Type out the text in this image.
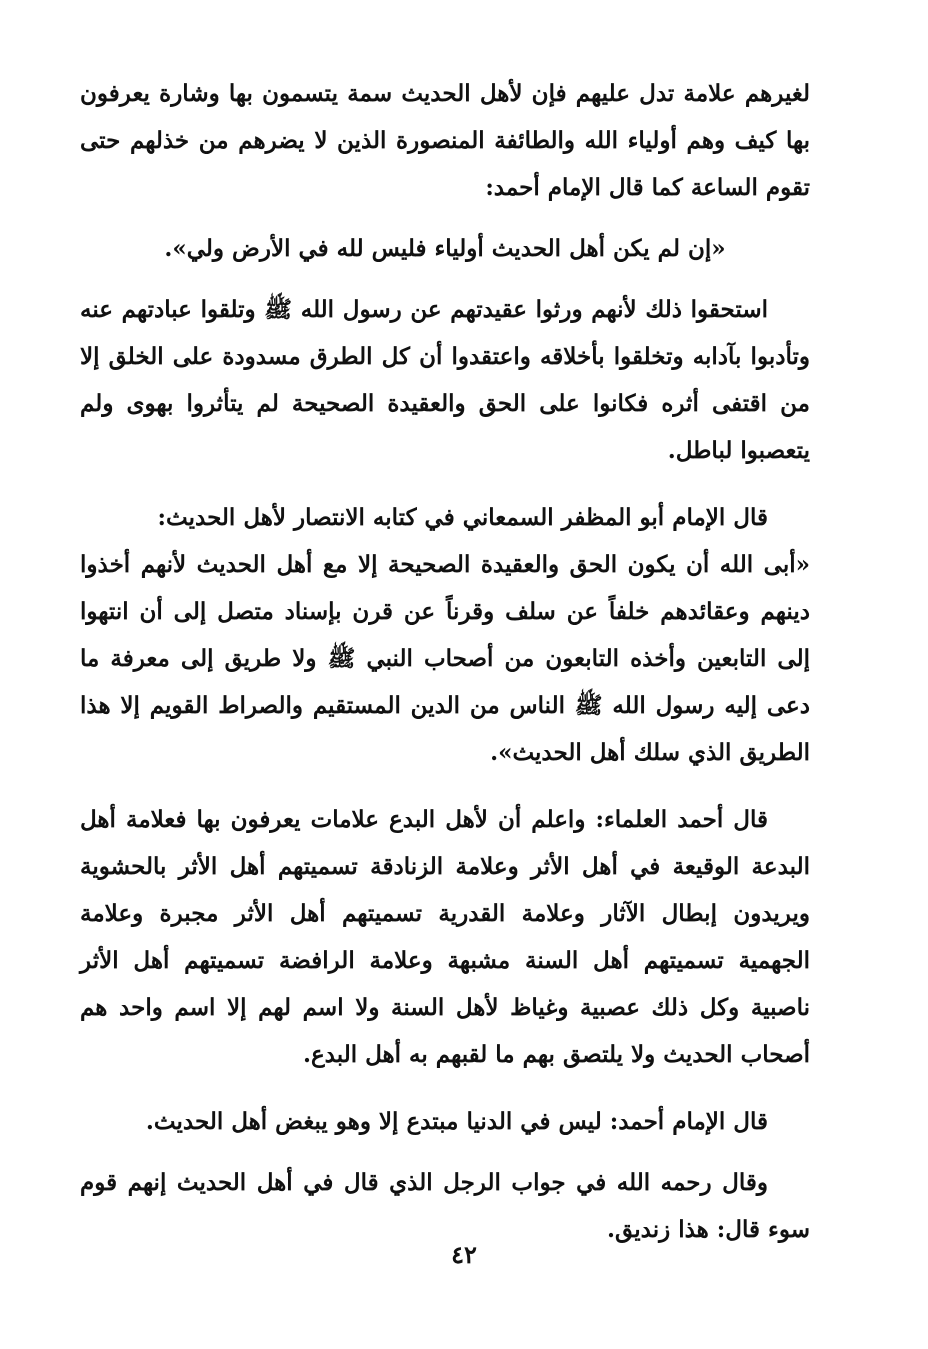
لغيرهم علامة تدل عليهم فإن لأهل الحديث سمة يتسمون بها وشارة يعرفون بها كيف وهم أولياء الله والطائفة المنصورة الذين لا يضرهم من خذلهم حتى تقوم الساعة كما قال الإمام أحمد:

«إن لم يكن أهل الحديث أولياء فليس لله في الأرض ولي».

استحقوا ذلك لأنهم ورثوا عقيدتهم عن رسول الله ﷺ وتلقوا عبادتهم عنه وتأدبوا بآدابه وتخلقوا بأخلاقه واعتقدوا أن كل الطرق مسدودة على الخلق إلا من اقتفى أثره فكانوا على الحق والعقيدة الصحيحة لم يتأثروا بهوى ولم يتعصبوا لباطل.

قال الإمام أبو المظفر السمعاني في كتابه الانتصار لأهل الحديث:

«أبى الله أن يكون الحق والعقيدة الصحيحة إلا مع أهل الحديث لأنهم أخذوا دينهم وعقائدهم خلفاً عن سلف وقرناً عن قرن بإسناد متصل إلى أن انتهوا إلى التابعين وأخذه التابعون من أصحاب النبي ﷺ ولا طريق إلى معرفة ما دعى إليه رسول الله ﷺ الناس من الدين المستقيم والصراط القويم إلا هذا الطريق الذي سلك أهل الحديث».

قال أحمد العلماء: واعلم أن لأهل البدع علامات يعرفون بها فعلامة أهل البدعة الوقيعة في أهل الأثر وعلامة الزنادقة تسميتهم أهل الأثر بالحشوية ويريدون إبطال الآثار وعلامة القدرية تسميتهم أهل الأثر مجبرة وعلامة الجهمية تسميتهم أهل السنة مشبهة وعلامة الرافضة تسميتهم أهل الأثر ناصبية وكل ذلك عصبية وغياظ لأهل السنة ولا اسم لهم إلا اسم واحد هم أصحاب الحديث ولا يلتصق بهم ما لقبهم به أهل البدع.

قال الإمام أحمد: ليس في الدنيا مبتدع إلا وهو يبغض أهل الحديث.

وقال رحمه الله في جواب الرجل الذي قال في أهل الحديث إنهم قوم سوء قال: هذا زنديق.

٤٢
